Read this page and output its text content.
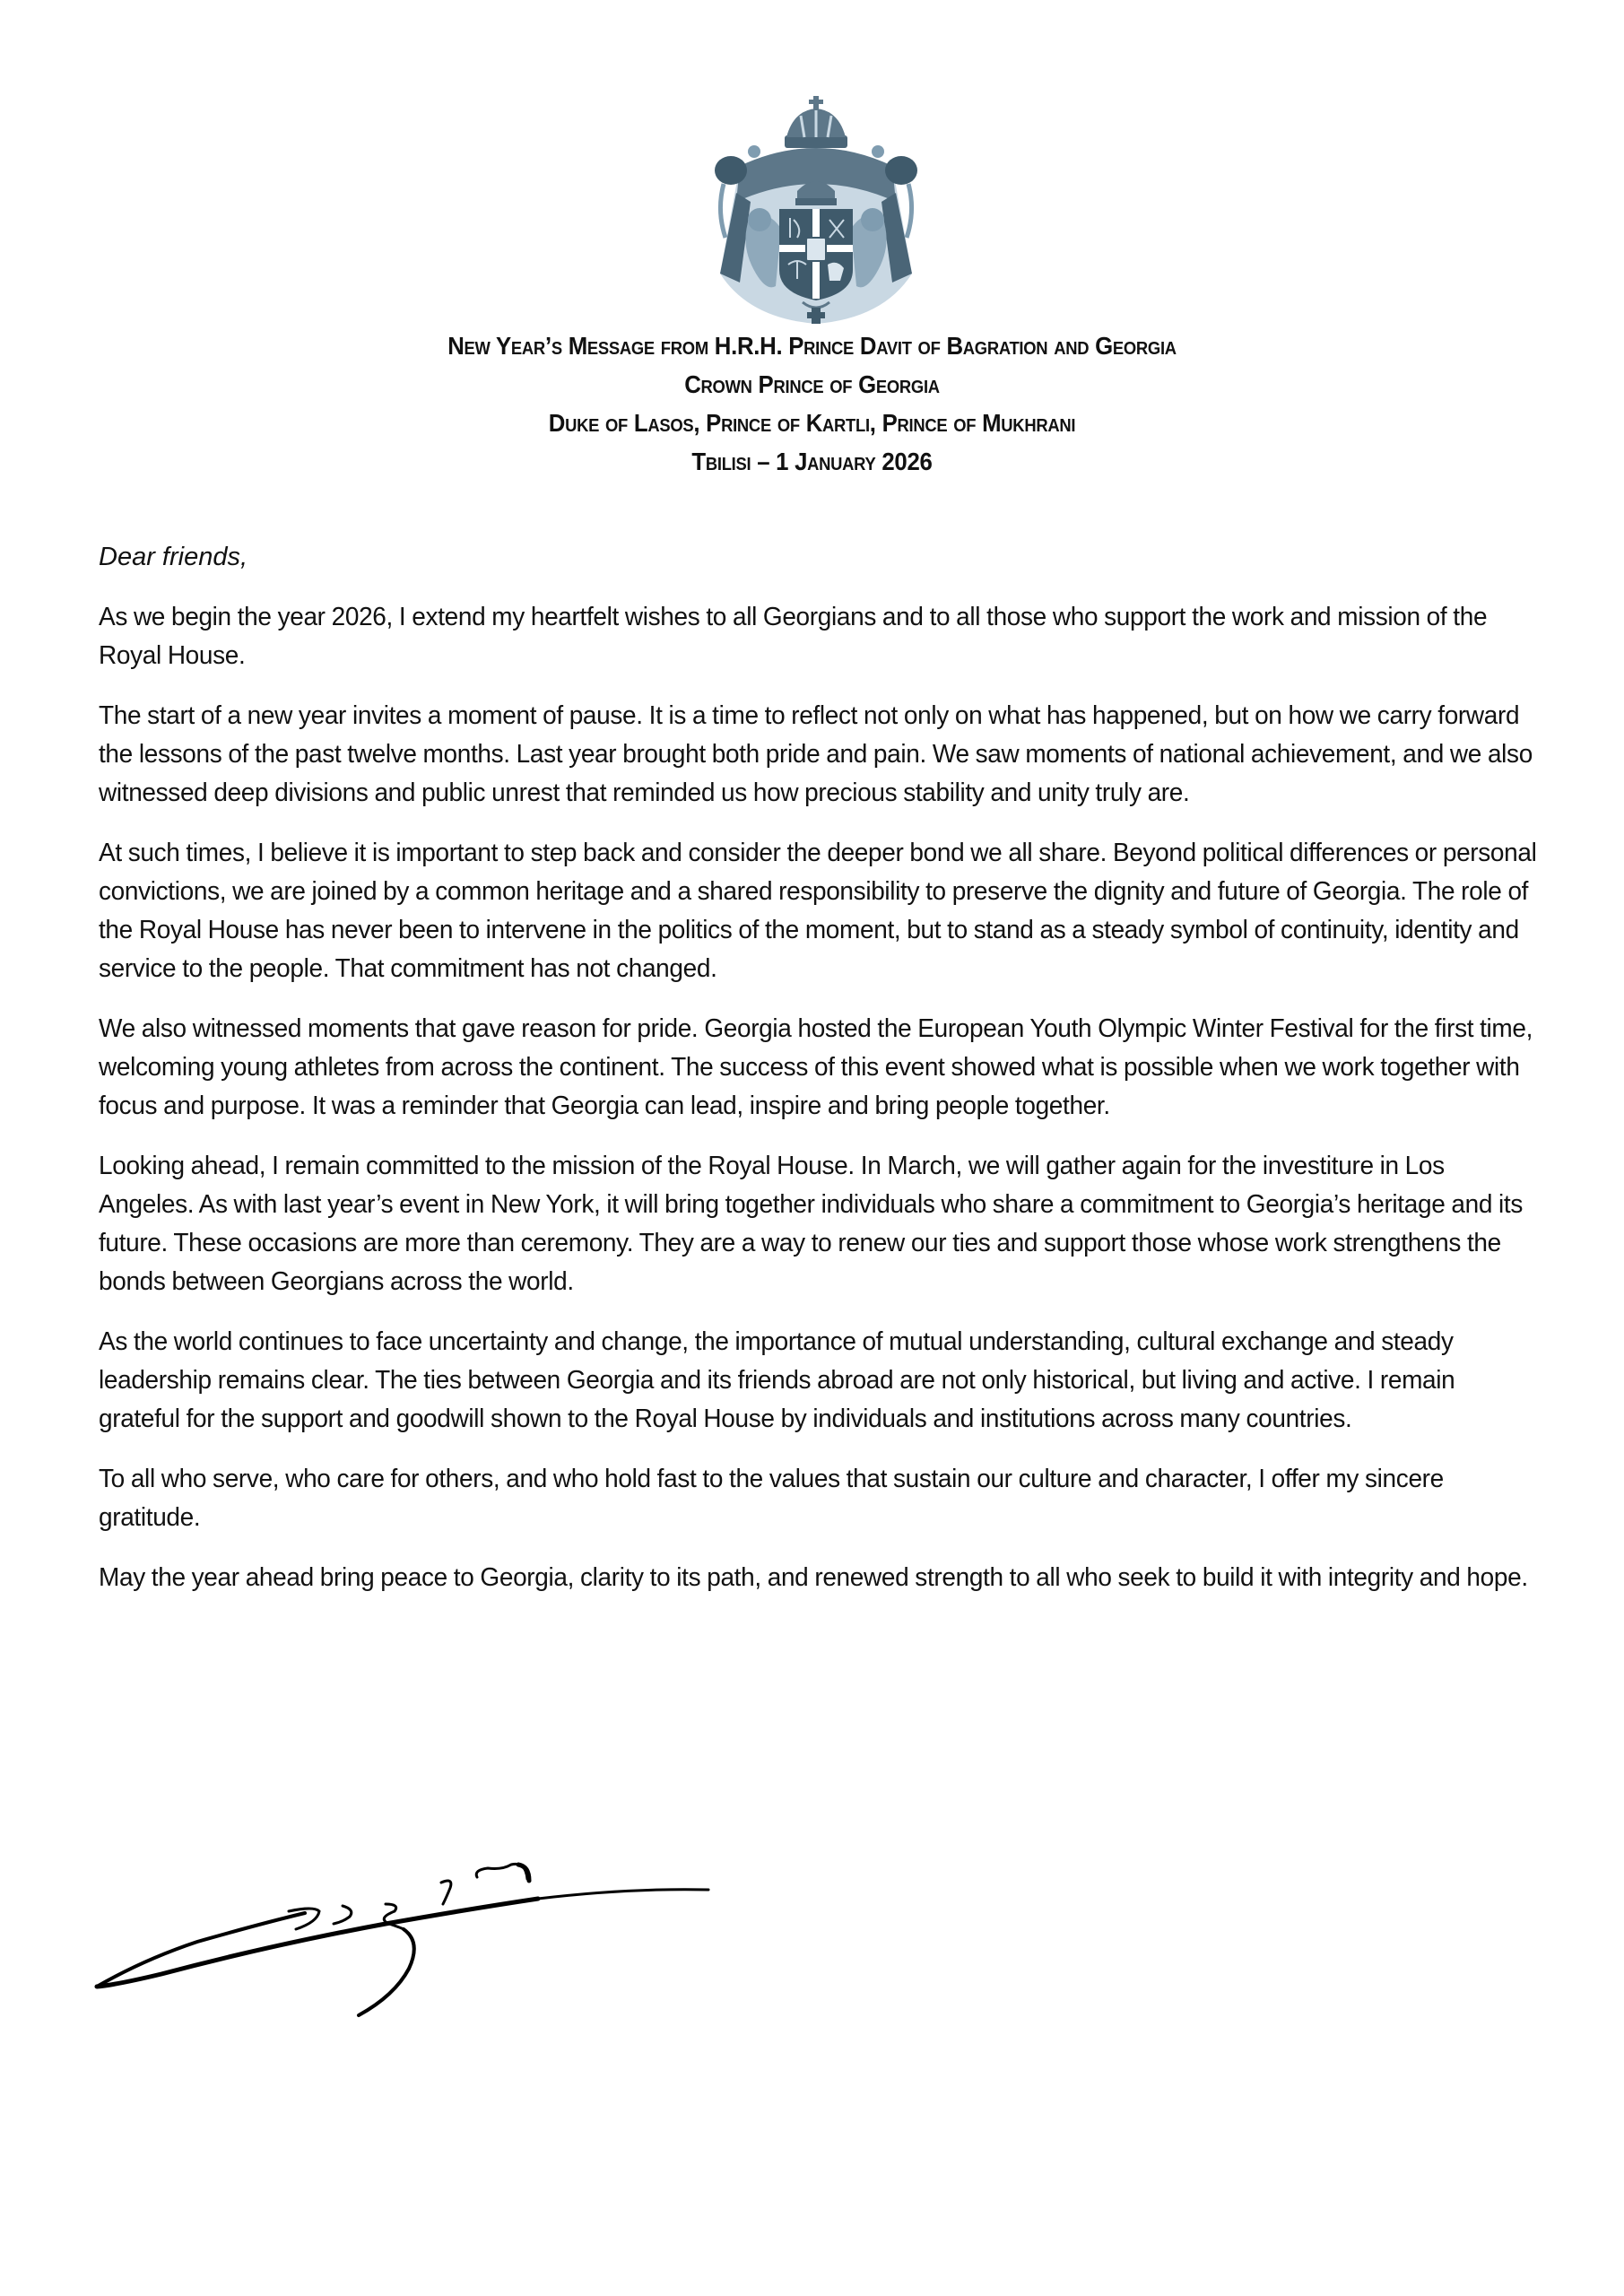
New Year’s Message from H.R.H. Prince Davit of Bagration and Georgia
Crown Prince of Georgia
Duke of Lasos, Prince of Kartli, Prince of Mukhrani
Tbilisi – 1 January 2026

Dear friends,

As we begin the year 2026, I extend my heartfelt wishes to all Georgians and to all those who support the work and mission of the Royal House.

The start of a new year invites a moment of pause. It is a time to reflect not only on what has happened, but on how we carry forward the lessons of the past twelve months. Last year brought both pride and pain. We saw moments of national achievement, and we also witnessed deep divisions and public unrest that reminded us how precious stability and unity truly are.

At such times, I believe it is important to step back and consider the deeper bond we all share. Beyond political differences or personal convictions, we are joined by a common heritage and a shared responsibility to preserve the dignity and future of Georgia. The role of the Royal House has never been to intervene in the politics of the moment, but to stand as a steady symbol of continuity, identity and service to the people. That commitment has not changed.

We also witnessed moments that gave reason for pride. Georgia hosted the European Youth Olympic Winter Festival for the first time, welcoming young athletes from across the continent. The success of this event showed what is possible when we work together with focus and purpose. It was a reminder that Georgia can lead, inspire and bring people together.

Looking ahead, I remain committed to the mission of the Royal House. In March, we will gather again for the investiture in Los Angeles. As with last year’s event in New York, it will bring together individuals who share a commitment to Georgia’s heritage and its future. These occasions are more than ceremony. They are a way to renew our ties and support those whose work strengthens the bonds between Georgians across the world.

As the world continues to face uncertainty and change, the importance of mutual understanding, cultural exchange and steady leadership remains clear. The ties between Georgia and its friends abroad are not only historical, but living and active. I remain grateful for the support and goodwill shown to the Royal House by individuals and institutions across many countries.

To all who serve, who care for others, and who hold fast to the values that sustain our culture and character, I offer my sincere gratitude.

May the year ahead bring peace to Georgia, clarity to its path, and renewed strength to all who seek to build it with integrity and hope.
